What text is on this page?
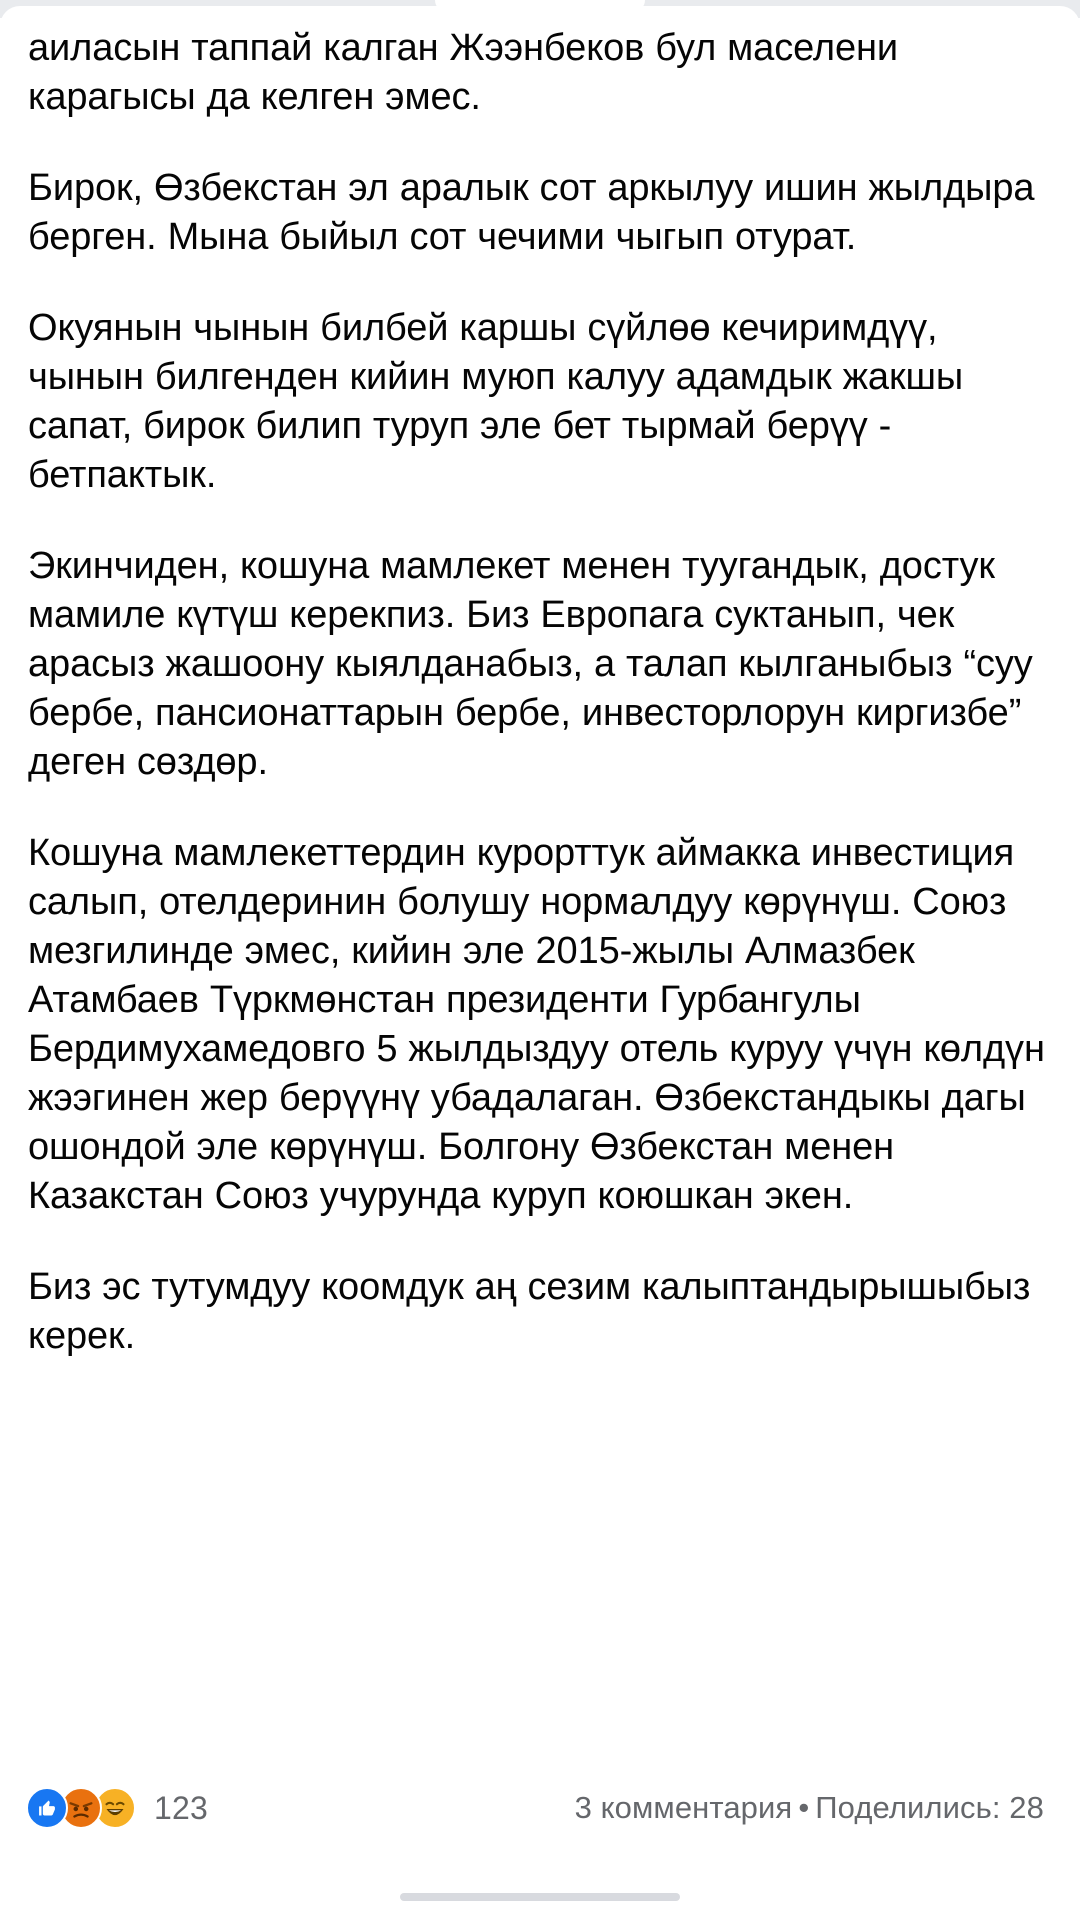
аиласын таппай калган Жээнбеков бул маселени карагысы да келген эмес.

Бирок, Өзбекстан эл аралык сот аркылуу ишин жылдыра берген. Мына быйыл сот чечими чыгып отурат.

Окуянын чынын билбей каршы сүйлөө кечиримдүү, чынын билгенден кийин муюп калуу адамдык жакшы сапат, бирок билип туруп эле бет тырмай берүү - бетпактык.

Экинчиден, кошуна мамлекет менен туугандык, достук мамиле күтүш керекпиз. Биз Европага суктанып, чек арасыз жашоону кыялданабыз, а талап кылганыбыз “суу бербе, пансионаттарын бербе, инвесторлорун киргизбе” деген сөздөр.

Кошуна мамлекеттердин курорттук аймакка инвестиция салып, отелдеринин болушу нормалдуу көрүнүш. Союз мезгилинде эмес, кийин эле 2015-жылы Алмазбек Атамбаев Түркмөнстан президенти Гурбангулы Бердимухамедовго 5 жылдыздуу отель куруу үчүн көлдүн жээгинен жер берүүнү убадалаган. Өзбекстандыкы дагы ошондой эле көрүнүш. Болгону Өзбекстан менен Казакстан Союз учурунда куруп коюшкан экен.

Биз эс тутумдуу коомдук аң сезим калыптандырышыбыз керек.

123	3 комментария • Поделились: 28
